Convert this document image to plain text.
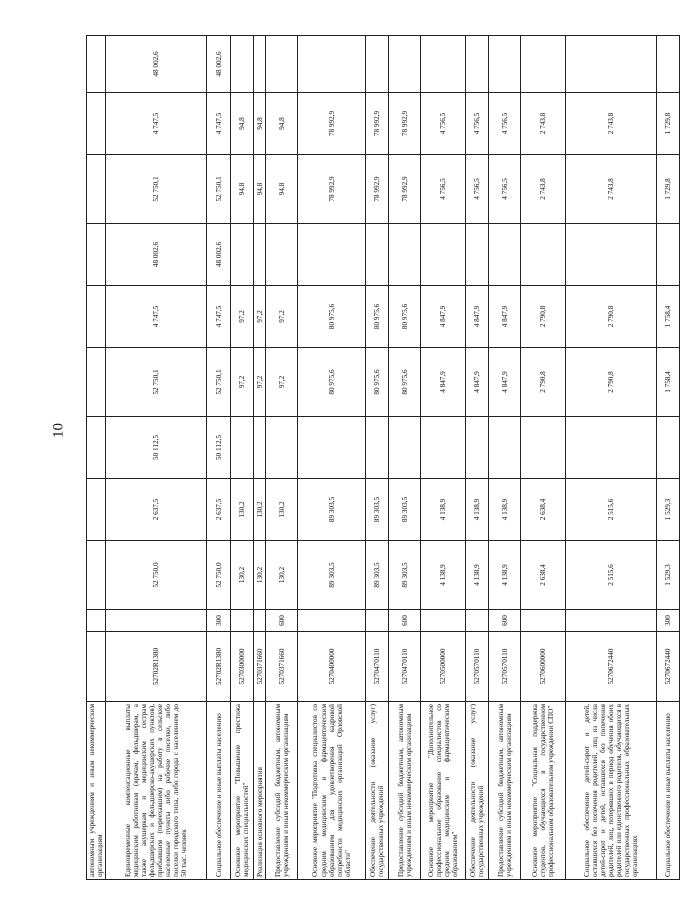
10
автономным учреждениям и иным некоммерческим организациям												
Единовременные компенсационные выплаты медицинским работникам (врачам, фельдшерам, а также акушеркам и медицинским сестрам фельдшерских и фельдшерско-акушерских пунктов), прибывшим (переехавшим) на работу в сельские населенные пункты либо рабочие поселки, либо поселки городского типа, либо города с населением до 50 тыс. человек	52702R1380		52 750,0	2 637,5	50 112,5	52 750,1	4 747,5	48 002,6	52 750,1	4 747,5	48 002,6	
Социальное обеспечение и иные выплаты населению	52702R1380	300	52 750,0	2 637,5	50 112,5	52 750,1	4 747,5	48 002,6	52 750,1	4 747,5	48 002,6	
Основное мероприятие "Повышение престижа медицинских специальностей"	5270300000		130,2	130,2		97,2	97,2		94,8	94,8		
Реализация основного мероприятия	5270371660		130,2	130,2		97,2	97,2		94,8	94,8		
Предоставление субсидий бюджетным, автономным учреждениям и иным некоммерческим организациям	5270371660	600	130,2	130,2		97,2	97,2		94,8	94,8		
Основное мероприятие "Подготовка специалистов со средним медицинским и фармацевтическим образованием для удовлетворения кадровой потребности медицинских организаций Орловской области"	5270400000		89 303,5	89 303,5		80 975,6	80 975,6		78 992,9	78 992,9		
Обеспечение деятельности (оказание услуг) государственных учреждений	5270470110		89 303,5	89 303,5		80 975,6	80 975,6		78 992,9	78 992,9		
Предоставление субсидий бюджетным, автономным учреждениям и иным некоммерческим организациям	5270470110	600	89 303,5	89 303,5		80 975,6	80 975,6		78 992,9	78 992,9		
Основное мероприятие "Дополнительное профессиональное образование специалистов со средним медицинским и фармацевтическим образованием"	5270500000		4 138,9	4 138,9		4 847,9	4 847,9		4 756,5	4 756,5		
Обеспечение деятельности (оказание услуг) государственных учреждений	5270570110		4 138,9	4 138,9		4 847,9	4 847,9		4 756,5	4 756,5		
Предоставление субсидий бюджетным, автономным учреждениям и иным некоммерческим организациям	5270570110	600	4 138,9	4 138,9		4 847,9	4 847,9		4 756,5	4 756,5		
Основное мероприятие "Социальная поддержка студентов, обучающихся в государственном профессиональном образовательном учреждении СПО"	5270600000		2 638,4	2 638,4		2 790,8	2 790,8		2 743,8	2 743,8		
Социальное обеспечение детей-сирот и детей, оставшихся без попечения родителей, лиц из числа детей-сирот и детей, оставшихся без попечения родителей, лиц, потерявших в период обучения обоих родителей или единственного родителя, обучающихся в государственных профессиональных образовательных организациях	5270672440		2 515,6	2 515,6		2 790,8	2 790,8		2 743,8	2 743,8		
Социальное обеспечение и иные выплаты населению	5270672440	300	1 529,3	1 529,3		1 758,4	1 758,4		1 729,8	1 729,8		
